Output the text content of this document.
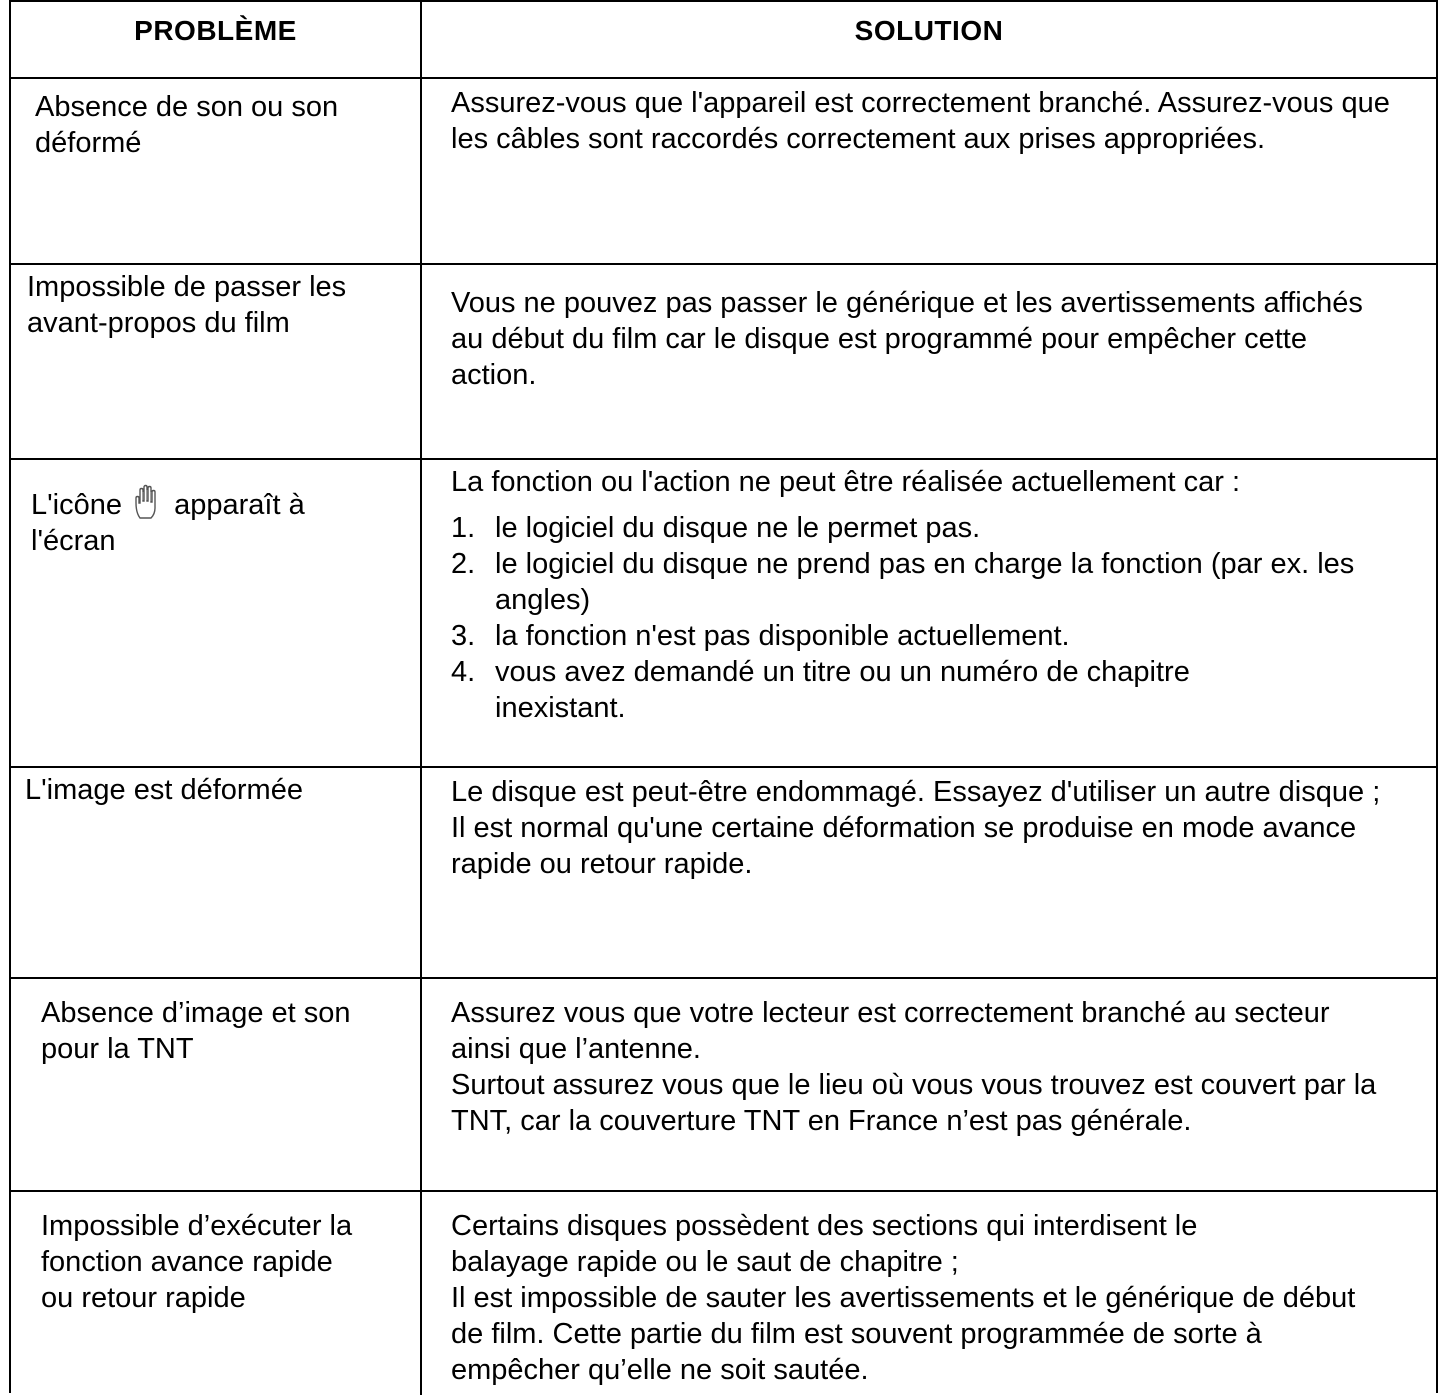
PROBLÈME	SOLUTION
Absence de son ou son déformé
Assurez-vous que l'appareil est correctement branché. Assurez-vous que les câbles sont raccordés correctement aux prises appropriées.
Impossible de passer les avant-propos du film
Vous ne pouvez pas passer le générique et les avertissements affichés au début du film car le disque est programmé pour empêcher cette action.
L'icône  apparaît à l'écran

La fonction ou l'action ne peut être réalisée actuellement car :

1. le logiciel du disque ne le permet pas.
2. le logiciel du disque ne prend pas en charge la fonction (par ex. les angles)
3. la fonction n'est pas disponible actuellement.
4. vous avez demandé un titre ou un numéro de chapitre inexistant.
L'image est déformée	Le disque est peut-être endommagé. Essayez d'utiliser un autre disque ;

Il est normal qu'une certaine déformation se produise en mode avance rapide ou retour rapide.

Absence d’image et son pour la TNT

Assurez vous que votre lecteur est correctement branché au secteur ainsi que l’antenne.

Surtout assurez vous que le lieu où vous vous trouvez est couvert par la TNT, car la couverture TNT en France n’est pas générale.

Impossible d’exécuter la fonction avance rapide ou retour rapide

Certains disques possèdent des sections qui interdisent le balayage rapide ou le saut de chapitre ;

Il est impossible de sauter les avertissements et le générique de début de film. Cette partie du film est souvent programmée de sorte à empêcher qu’elle ne soit sautée.
